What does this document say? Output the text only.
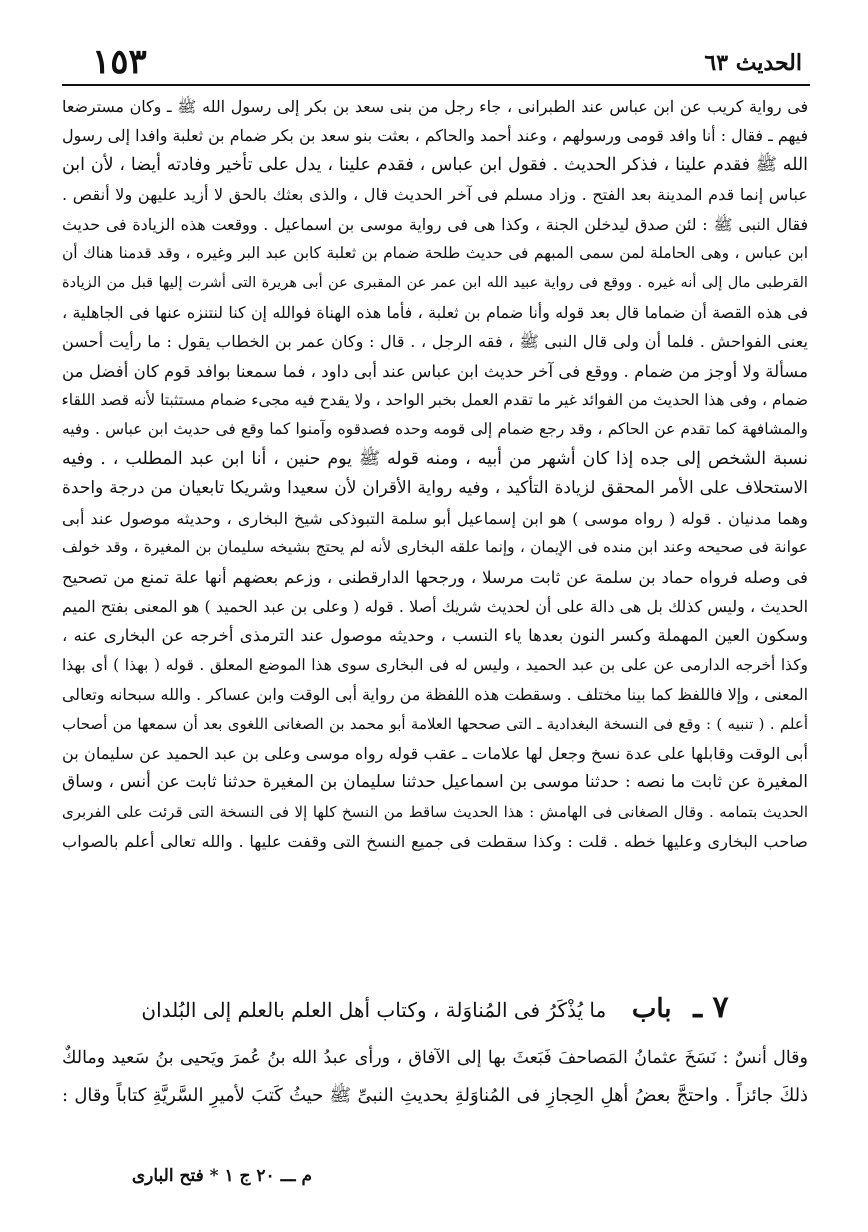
١٥٣	الحديث ٦٣
فى رواية كريب عن ابن عباس عند الطبرانى ، جاء رجل من بنى سعد بن بكر إلى رسول الله ﷺ ـ وكان مسترضعا
فيهم ـ فقال : أنا وافد قومى ورسولهم ، وعند أحمد والحاكم ، بعثت بنو سعد بن بكر ضمام بن ثعلبة وافدا إلى رسول
الله ﷺ فقدم علينا ، فذكر الحديث . فقول ابن عباس ، فقدم علينا ، يدل على تأخير وفادته أيضا ، لأن ابن
عباس إنما قدم المدينة بعد الفتح . وزاد مسلم فى آخر الحديث قال ، والذى بعثك بالحق لا أزيد عليهن ولا أنقص .
فقال النبى ﷺ : لئن صدق ليدخلن الجنة ، وكذا هى فى رواية موسى بن اسماعيل . ووقعت هذه الزيادة فى حديث
ابن عباس ، وهى الحاملة لمن سمى المبهم فى حديث طلحة ضمام بن ثعلبة كابن عبد البر وغيره ، وقد قدمنا هناك أن
القرطبى مال إلى أنه غيره . ووقع فى رواية عبيد الله ابن عمر عن المقبرى عن أبى هريرة التى أشرت إليها قبل من الزيادة
فى هذه القصة أن ضماما قال بعد قوله وأنا ضمام بن ثعلبة ، فأما هذه الهناة فوالله إن كنا لنتنزه عنها فى الجاهلية ،
يعنى الفواحش . فلما أن ولى قال النبى ﷺ ، فقه الرجل ، . قال : وكان عمر بن الخطاب يقول : ما رأيت أحسن
مسألة ولا أوجز من ضمام . ووقع فى آخر حديث ابن عباس عند أبى داود ، فما سمعنا بوافد قوم كان أفضل من
ضمام ، وفى هذا الحديث من الفوائد غير ما تقدم العمل بخبر الواحد ، ولا يقدح فيه مجىء ضمام مستثبتا لأنه قصد اللقاء
والمشافهة كما تقدم عن الحاكم ، وقد رجع ضمام إلى قومه وحده فصدقوه وآمنوا كما وقع فى حديث ابن عباس . وفيه
نسبة الشخص إلى جده إذا كان أشهر من أبيه ، ومنه قوله ﷺ يوم حنين ، أنا ابن عبد المطلب ، . وفيه
الاستحلاف على الأمر المحقق لزيادة التأكيد ، وفيه رواية الأقران لأن سعيدا وشريكا تابعيان من درجة واحدة
وهما مدنيان . قوله ( رواه موسى ) هو ابن إسماعيل أبو سلمة التبوذكى شيخ البخارى ، وحديثه موصول عند أبى
عوانة فى صحيحه وعند ابن منده فى الإيمان ، وإنما علقه البخارى لأنه لم يحتج بشيخه سليمان بن المغيرة ، وقد خولف
فى وصله فرواه حماد بن سلمة عن ثابت مرسلا ، ورجحها الدارقطنى ، وزعم بعضهم أنها علة تمنع من تصحيح
الحديث ، وليس كذلك بل هى دالة على أن لحديث شريك أصلا . قوله ( وعلى بن عبد الحميد ) هو المعنى بفتح الميم
وسكون العين المهملة وكسر النون بعدها ياء النسب ، وحديثه موصول عند الترمذى أخرجه عن البخارى عنه ،
وكذا أخرجه الدارمى عن على بن عبد الحميد ، وليس له فى البخارى سوى هذا الموضع المعلق . قوله ( بهذا ) أى بهذا
المعنى ، وإلا فاللفظ كما بينا مختلف . وسقطت هذه اللفظة من رواية أبى الوقت وابن عساكر . والله سبحانه وتعالى
أعلم . ( تنبيه ) : وقع فى النسخة البغدادية ـ التى صححها العلامة أبو محمد بن الصغانى اللغوى بعد أن سمعها من أصحاب
أبى الوقت وقابلها على عدة نسخ وجعل لها علامات ـ عقب قوله رواه موسى وعلى بن عبد الحميد عن سليمان بن
المغيرة عن ثابت ما نصه : حدثنا موسى بن اسماعيل حدثنا سليمان بن المغيرة حدثنا ثابت عن أنس ، وساق
الحديث بتمامه . وقال الصغانى فى الهامش : هذا الحديث ساقط من النسخ كلها إلا فى النسخة التى قرئت على الفربرى
صاحب البخارى وعليها خطه . قلت : وكذا سقطت فى جميع النسخ التى وقفت عليها . والله تعالى أعلم بالصواب
٧ ـ باب ما يُذْكَرُ فى المُناوَلة ، وكتاب أهل العلم بالعلم إلى البُلدان
وقال أنسٌ : نَسَخَ عثمانُ المَصاحفَ فَبَعثَ بها إلى الآفاق ، ورأى عبدُ الله بنُ عُمرَ ويَحيى بنُ سَعيد ومالكٌ
ذلكَ جائزاً . واحتجَّ بعضُ أهلِ الحِجازِ فى المُناوَلةِ بحديثِ النبىِّ ﷺ حيثُ كَتبَ لأميرِ السَّريَّةِ كتاباً وقال :
م ـــ ٢٠ ج ١ * فتح البارى
